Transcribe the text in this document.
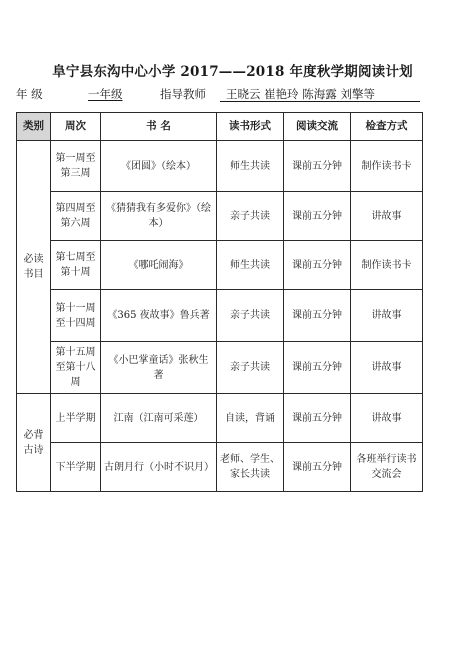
阜宁县东沟中心小学 2017——2018 年度秋学期阅读计划
年 级	一年级	指导教师 王晓云 崔艳玲 陈海露 刘擎等
类别	周次	书 名	读书形式	阅读交流	检查方式
必读书目	第一周至第三周	《团圆》（绘本）	师生共读	课前五分钟	制作读书卡
	第四周至第六周	《猜猜我有多爱你》（绘本）	亲子共读	课前五分钟	讲故事
	第七周至第十周	《哪吒闹海》	师生共读	课前五分钟	制作读书卡
	第十一周至十四周	《365 夜故事》鲁兵著	亲子共读	课前五分钟	讲故事
	第十五周至第十八周	《小巴掌童话》张秋生著	亲子共读	课前五分钟	讲故事
必背古诗	上半学期	江南（江南可采莲）	自读，背诵	课前五分钟	讲故事
	下半学期	古朗月行（小时不识月）	老师、学生、家长共读	课前五分钟	各班举行读书交流会
